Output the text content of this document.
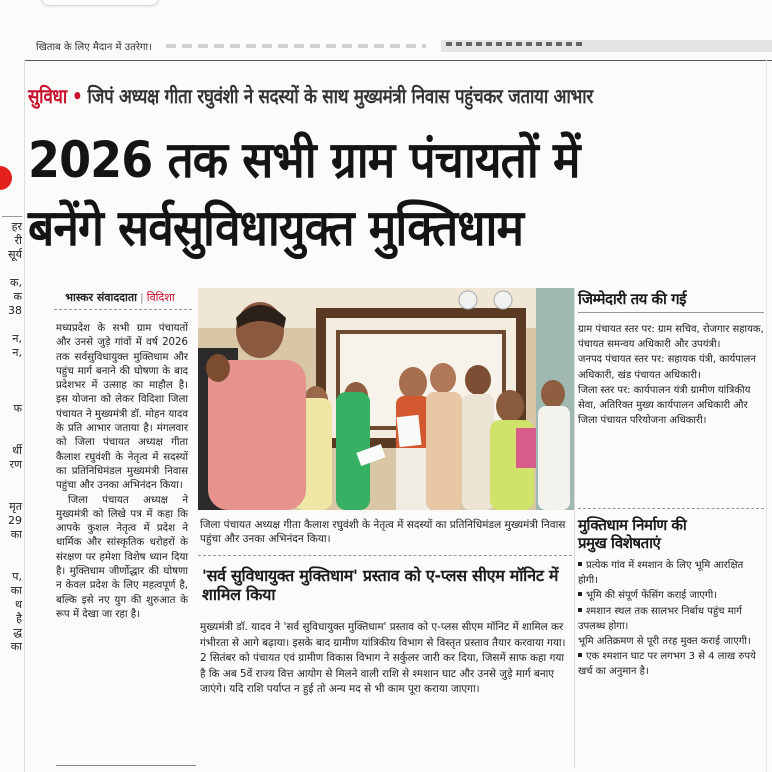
खिताब के लिए मैदान में उतरेगा।
हर
री
सूर्य

क,
क
38

न,
न,

फ

र्थी
रण

मृत
29
का

प,
का
थ
है
द्ध
का
सुविधा • जिपं अध्यक्ष गीता रघुवंशी ने सदस्यों के साथ मुख्यमंत्री निवास पहुंचकर जताया आभार
2026 तक सभी ग्राम पंचायतों में
बनेंगे सर्वसुविधायुक्त मुक्तिधाम
भास्कर संवाददाता | विदिशा

मध्यप्रदेश के सभी ग्राम पंचायतों और उनसे जुड़े गांवों में वर्ष 2026 तक सर्वसुविधायुक्त मुक्तिधाम और पहुंच मार्ग बनाने की घोषणा के बाद प्रदेशभर में उत्साह का माहौल है। इस योजना को लेकर विदिशा जिला पंचायत ने मुख्यमंत्री डॉ. मोहन यादव के प्रति आभार जताया है। मंगलवार को जिला पंचायत अध्यक्ष गीता कैलाश रघुवंशी के नेतृत्व में सदस्यों का प्रतिनिधिमंडल मुख्यमंत्री निवास पहुंचा और उनका अभिनंदन किया।

जिला पंचायत अध्यक्ष ने मुख्यमंत्री को लिखे पत्र में कहा कि आपके कुशल नेतृत्व में प्रदेश ने धार्मिक और सांस्कृतिक धरोहरों के संरक्षण पर हमेशा विशेष ध्यान दिया है। मुक्तिधाम जीर्णोद्धार की घोषणा न केवल प्रदेश के लिए महत्वपूर्ण है, बल्कि इसे नए युग की शुरुआत के रूप में देखा जा रहा है।

जिला पंचायत अध्यक्ष गीता कैलाश रघुवंशी के नेतृत्व में सदस्यों का प्रतिनिधिमंडल मुख्यमंत्री निवास पहुंचा और उनका अभिनंदन किया।
'सर्व सुविधायुक्त मुक्तिधाम' प्रस्ताव को ए-प्लस सीएम मॉनिट में शामिल किया
मुख्यमंत्री डॉ. यादव ने 'सर्व सुविधायुक्त मुक्तिधाम' प्रस्ताव को ए-प्लस सीएम मॉनिट में शामिल कर गंभीरता से आगे बढ़ाया। इसके बाद ग्रामीण यांत्रिकीय विभाग से विस्तृत प्रस्ताव तैयार करवाया गया। 2 सितंबर को पंचायत एवं ग्रामीण विकास विभाग ने सर्कुलर जारी कर दिया, जिसमें साफ कहा गया है कि अब 5वें राज्य वित्त आयोग से मिलने वाली राशि से श्मशान घाट और उनसे जुड़े मार्ग बनाए जाएंगे। यदि राशि पर्याप्त न हुई तो अन्य मद से भी काम पूरा कराया जाएगा।
जिम्मेदारी तय की गई

ग्राम पंचायत स्तर पर: ग्राम सचिव, रोजगार सहायक, पंचायत समन्वय अधिकारी और उपयंत्री।

जनपद पंचायत स्तर पर: सहायक यंत्री, कार्यपालन अधिकारी, खंड पंचायत अधिकारी।

जिला स्तर पर: कार्यपालन यंत्री ग्रामीण यांत्रिकीय सेवा, अतिरिक्त मुख्य कार्यपालन अधिकारी और जिला पंचायत परियोजना अधिकारी।

मुक्तिधाम निर्माण की
प्रमुख विशेषताएं

प्रत्येक गांव में श्मशान के लिए भूमि आरक्षित होगी।

भूमि की संपूर्ण फेंसिंग कराई जाएगी।

श्मशान स्थल तक सालभर निर्बाध पहुंच मार्ग उपलब्ध होगा।

भूमि अतिक्रमण से पूरी तरह मुक्त कराई जाएगी।

एक श्मशान घाट पर लगभग 3 से 4 लाख रुपये खर्च का अनुमान है।
